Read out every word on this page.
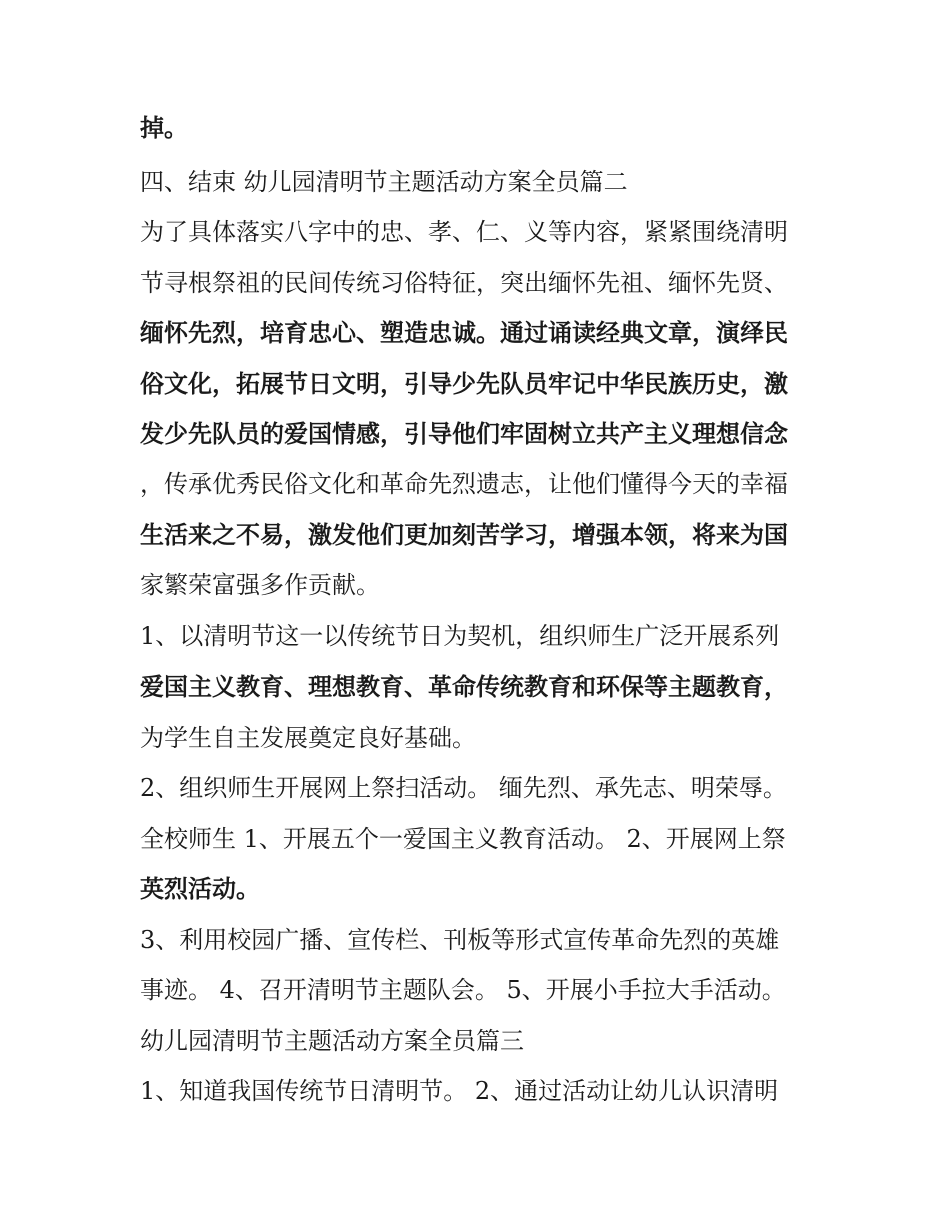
掉。
四、结束 幼儿园清明节主题活动方案全员篇二
为了具体落实八字中的忠、孝、仁、义等内容，紧紧围绕清明
节寻根祭祖的民间传统习俗特征，突出缅怀先祖、缅怀先贤、
缅怀先烈，培育忠心、塑造忠诚。通过诵读经典文章，演绎民
俗文化，拓展节日文明，引导少先队员牢记中华民族历史，激
发少先队员的爱国情感，引导他们牢固树立共产主义理想信念
，传承优秀民俗文化和革命先烈遗志，让他们懂得今天的幸福
生活来之不易，激发他们更加刻苦学习，增强本领，将来为国
家繁荣富强多作贡献。
1、以清明节这一以传统节日为契机，组织师生广泛开展系列
爱国主义教育、理想教育、革命传统教育和环保等主题教育，
为学生自主发展奠定良好基础。
2、组织师生开展网上祭扫活动。 缅先烈、承先志、明荣辱。
全校师生 1、开展五个一爱国主义教育活动。 2、开展网上祭
英烈活动。
3、利用校园广播、宣传栏、刊板等形式宣传革命先烈的英雄
事迹。 4、召开清明节主题队会。 5、开展小手拉大手活动。
幼儿园清明节主题活动方案全员篇三
1、知道我国传统节日清明节。 2、通过活动让幼儿认识清明
